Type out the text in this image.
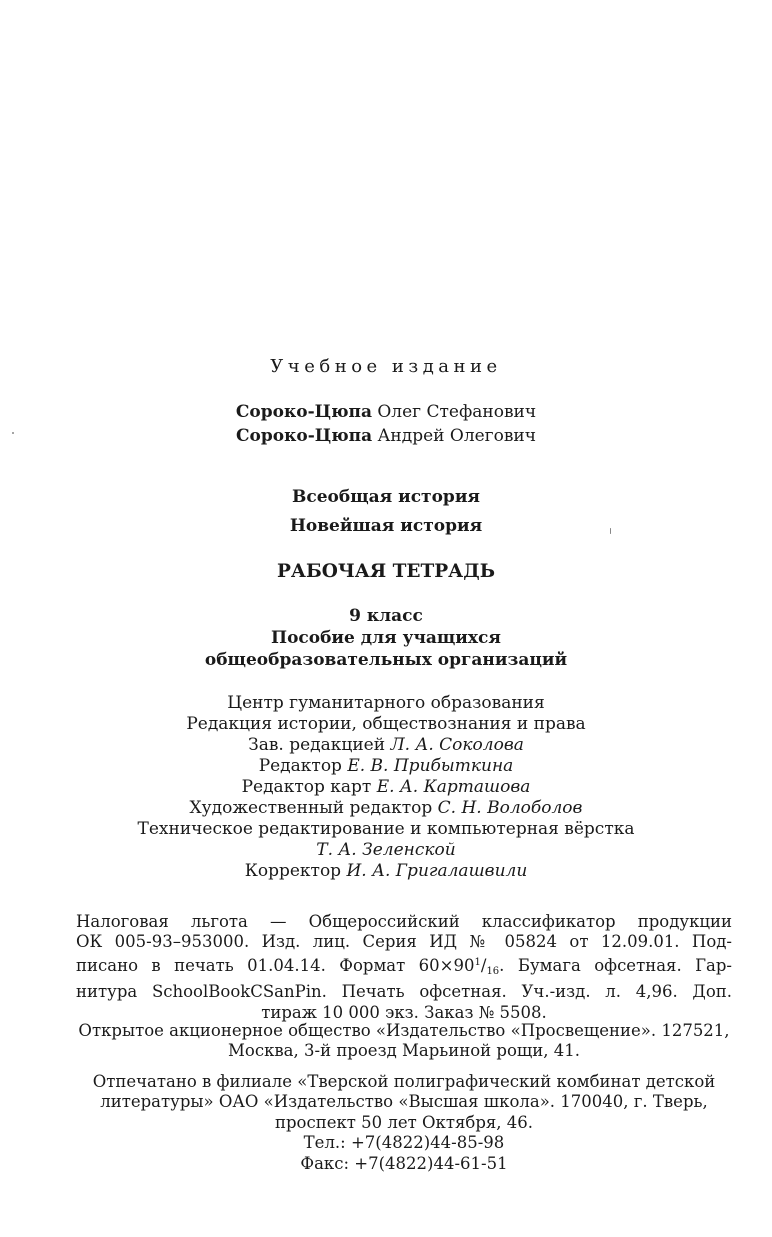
Учебное издание
Сороко-Цюпа Олег Стефанович
Сороко-Цюпа Андрей Олегович
Всеобщая история
Новейшая история
РАБОЧАЯ ТЕТРАДЬ
9 класс
Пособие для учащихся
общеобразовательных организаций
Центр гуманитарного образования
Редакция истории, обществознания и права
Зав. редакцией Л. А. Соколова
Редактор Е. В. Прибыткина
Редактор карт Е. А. Карташова
Художественный редактор С. Н. Волоболов
Техническое редактирование и компьютерная вёрстка
Т. А. Зеленской
Корректор И. А. Григалашвили
Налоговая льгота — Общероссийский классификатор продукции
ОК 005-93–953000. Изд. лиц. Серия ИД № 05824 от 12.09.01. Под-
писано в печать 01.04.14. Формат $60\times 90^1/_{16}$. Бумага офсетная. Гар-
нитура SchoolBookCSanPin. Печать офсетная. Уч.-изд. л. 4,96. Доп.
тираж 10 000 экз. Заказ № 5508.
Открытое акционерное общество «Издательство «Просвещение». 127521,
Москва, 3-й проезд Марьиной рощи, 41.
Отпечатано в филиале «Тверской полиграфический комбинат детской
литературы» ОАО «Издательство «Высшая школа». 170040, г. Тверь,
проспект 50 лет Октября, 46.
Тел.: +7(4822)44-85-98
Факс: +7(4822)44-61-51
